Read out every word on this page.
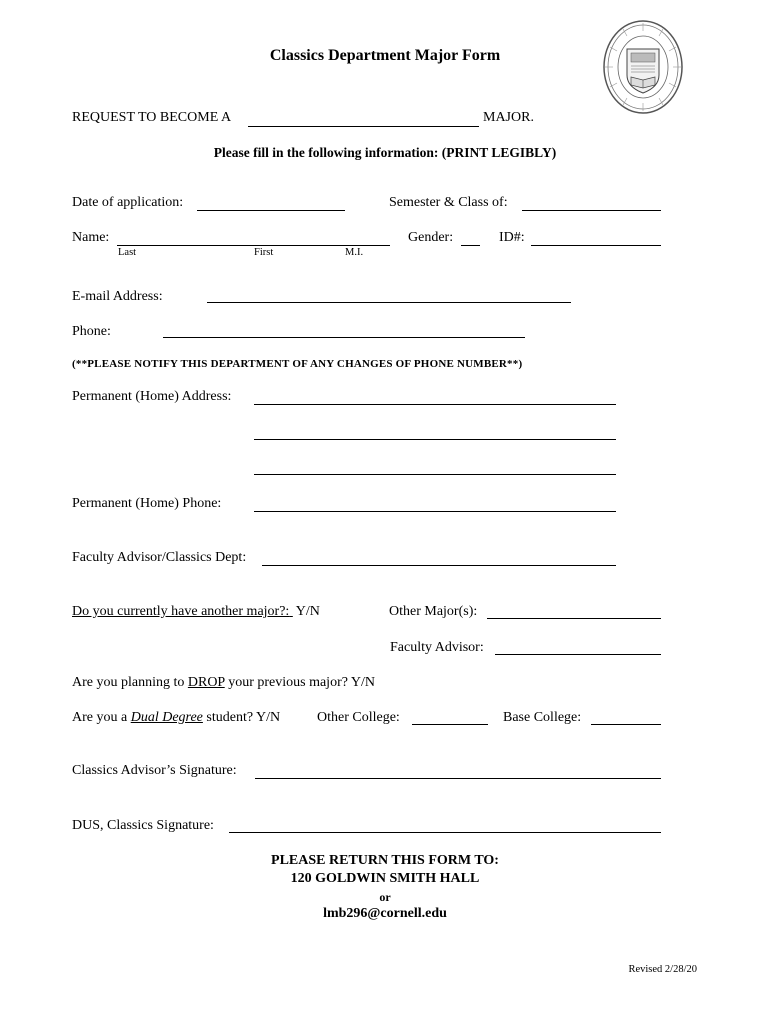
Classics Department Major Form
REQUEST TO BECOME A	MAJOR.
Please fill in the following information: (PRINT LEGIBLY)
Date of application:	Semester & Class of:
Name:
Last	First	M.I.
Gender:	ID#:
E-mail Address:
Phone:
(**PLEASE NOTIFY THIS DEPARTMENT OF ANY CHANGES OF PHONE NUMBER**)
Permanent (Home) Address:
Permanent (Home) Phone:
Faculty Advisor/Classics Dept:
Do you currently have another major?: Y/N	Other Major(s):
Faculty Advisor:
Are you planning to DROP your previous major? Y/N
Are you a Dual Degree student? Y/N	Other College:	Base College:
Classics Advisor’s Signature:
DUS, Classics Signature:
PLEASE RETURN THIS FORM TO:
120 GOLDWIN SMITH HALL
or
lmb296@cornell.edu
Revised 2/28/20
